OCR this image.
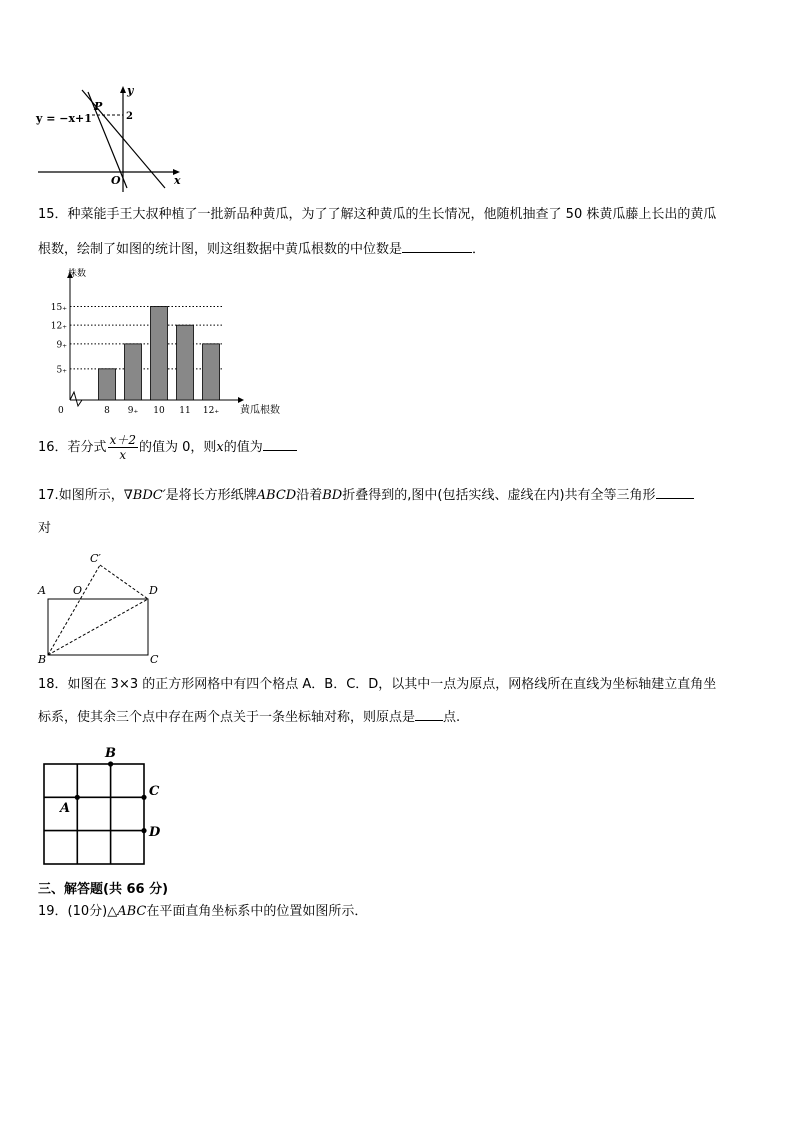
y = −x+1
P
2
O	x
y
15．种菜能手王大叔种植了一批新品种黄瓜，为了了解这种黄瓜的生长情况，他随机抽查了 50 株黄瓜藤上长出的黄瓜
根数，绘制了如图的统计图，则这组数据中黄瓜根数的中位数是	．
5₊
9₊
12₊
15₊
8 9₊ 10 11 12₊
0
株数
黄瓜根数
16．若分式 $\frac{x+2}{x}$ 的值为 0，则x的值为
17.如图所示，∇BDC′是将长方形纸牌ABCD沿着BD折叠得到的,图中(包括实线、虚线在内)共有全等三角形
对
A O
C′
D
B	C
18．如图在 3×3 的正方形网格中有四个格点 A．B．C．D，以其中一点为原点，网格线所在直线为坐标轴建立直角坐
标系，使其余三个点中存在两个点关于一条坐标轴对称，则原点是 点.
A
B
C
D
三、解答题(共 66 分)
19．(10分)△ABC在平面直角坐标系中的位置如图所示．
